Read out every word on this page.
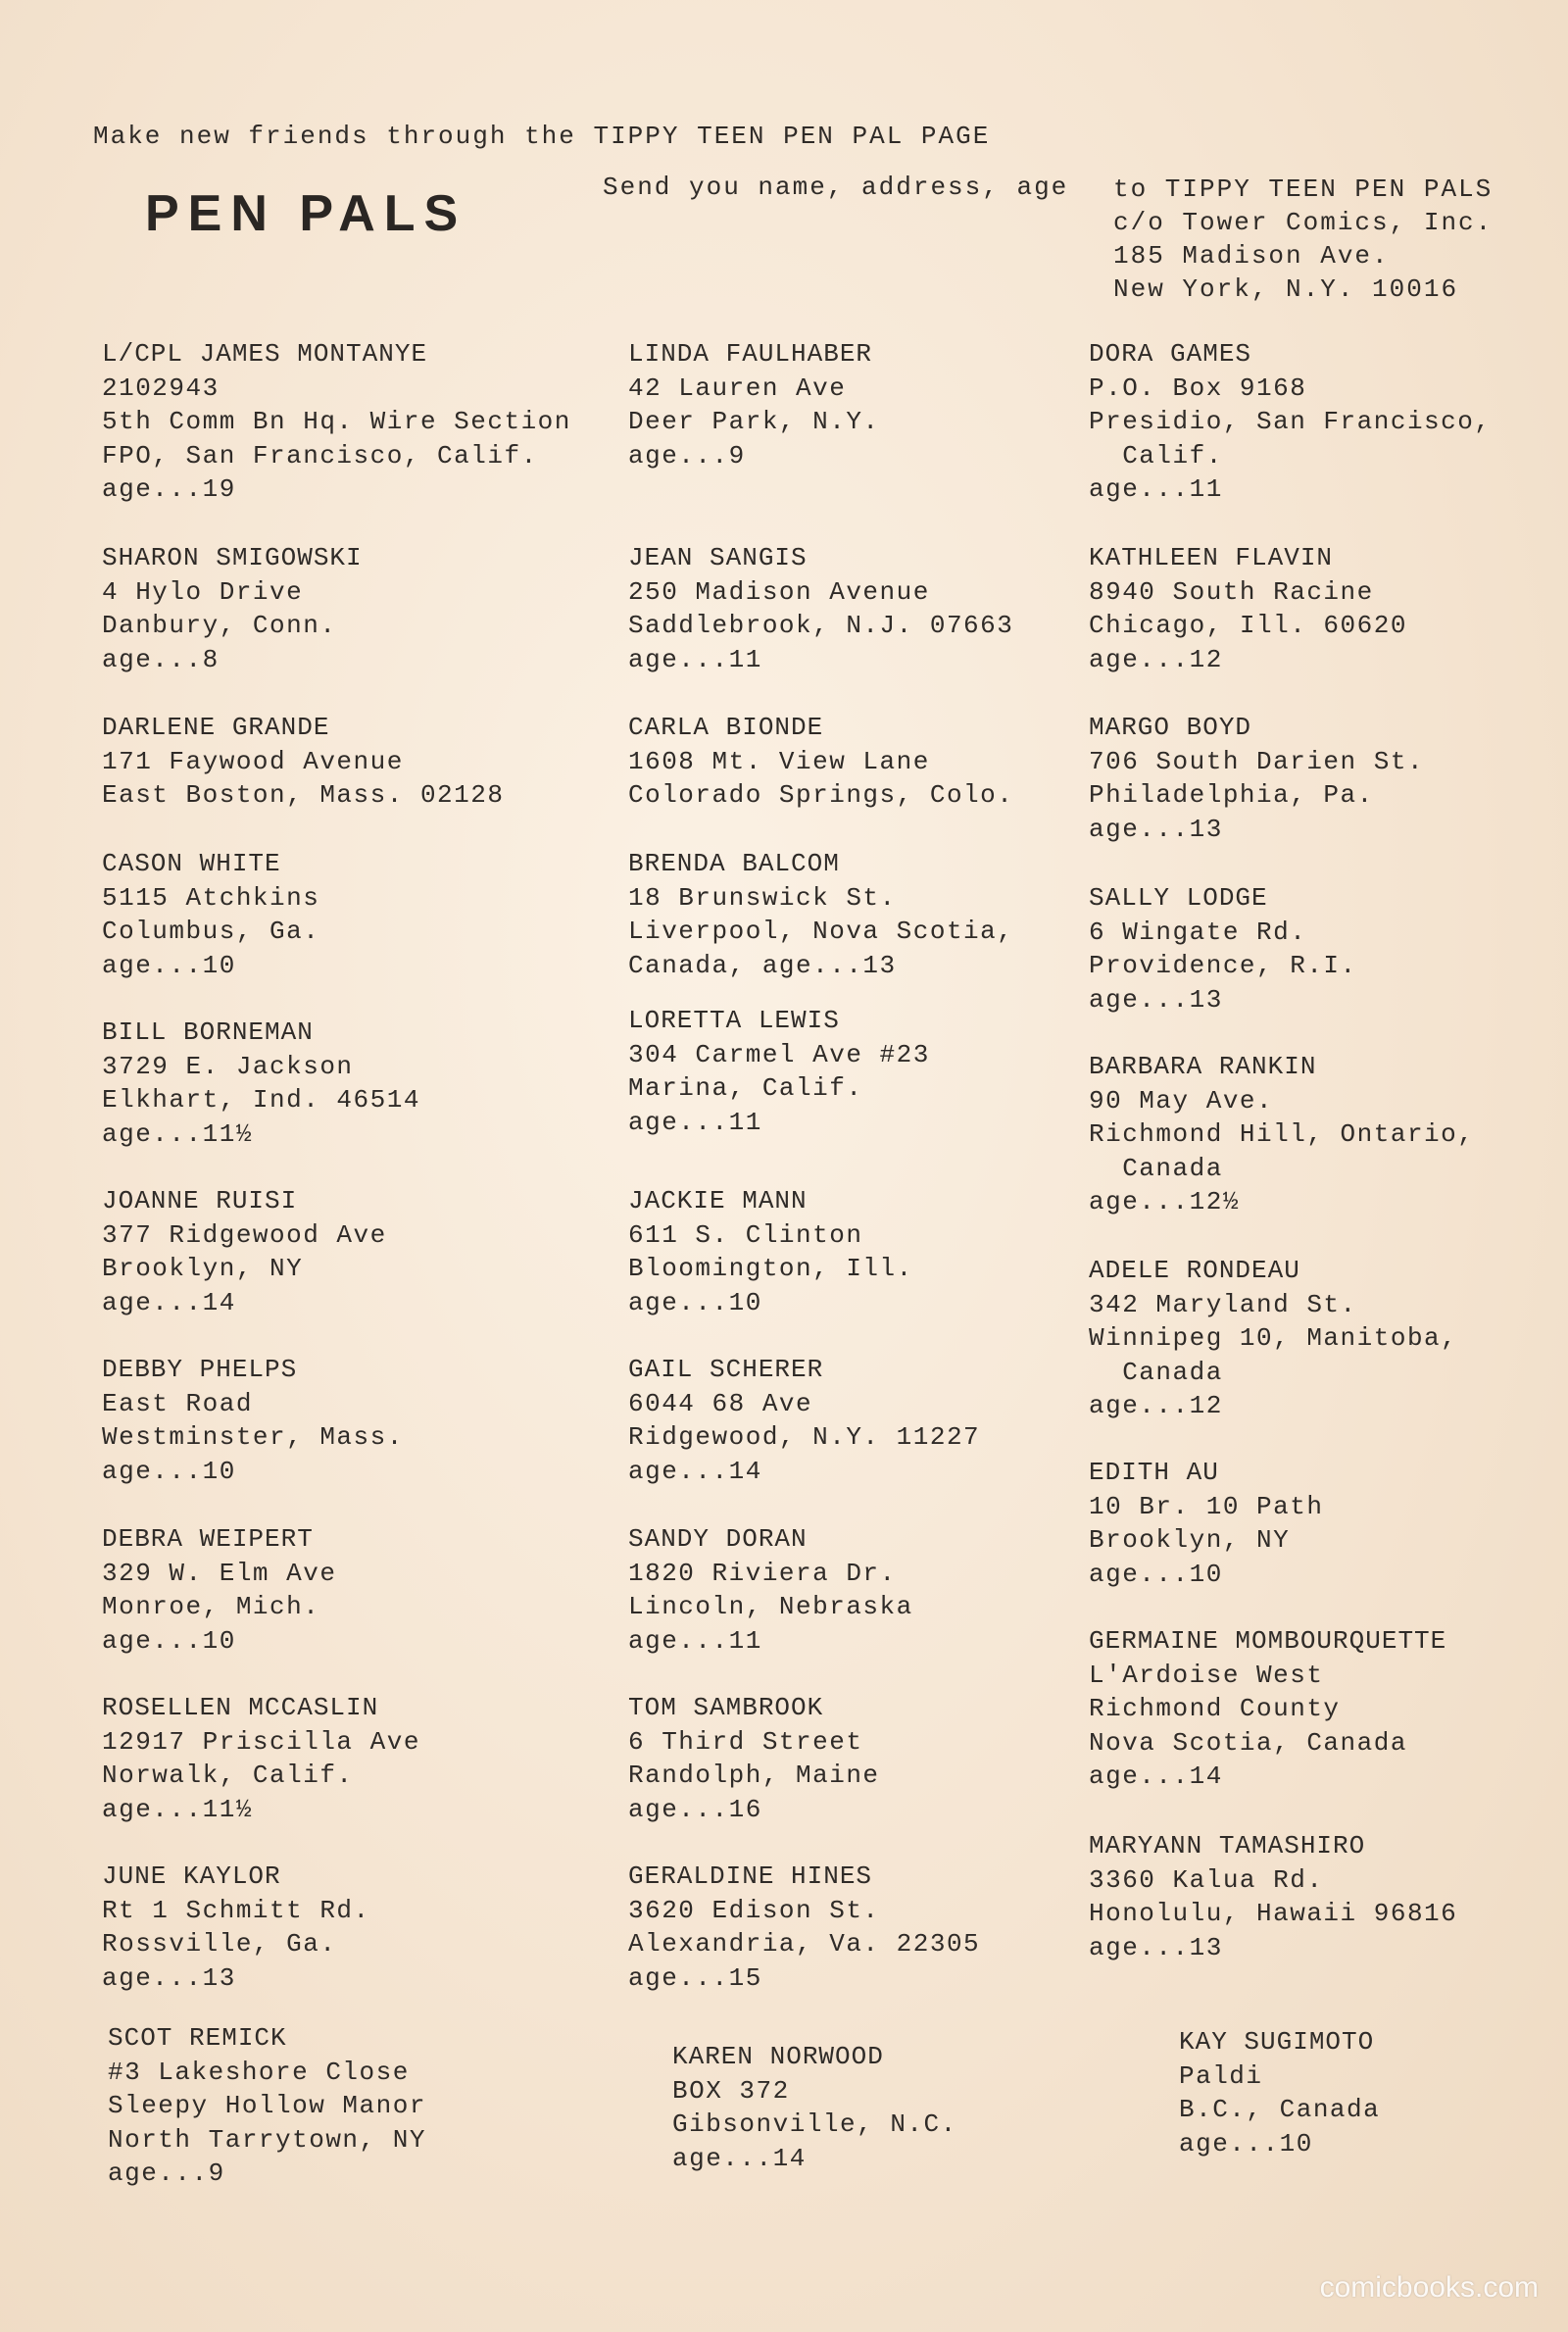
Make new friends through the TIPPY TEEN PEN PAL PAGE
PEN PALS	Send you name, address, age to TIPPY TEEN PEN PALS
c/o Tower Comics, Inc.
185 Madison Ave.
New York, N.Y. 10016
L/CPL JAMES MONTANYE
2102943
5th Comm Bn Hq. Wire Section
FPO, San Francisco, Calif.
age...19
SHARON SMIGOWSKI
4 Hylo Drive
Danbury, Conn.
age...8
DARLENE GRANDE
171 Faywood Avenue
East Boston, Mass. 02128
CASON WHITE
5115 Atchkins
Columbus, Ga.
age...10
BILL BORNEMAN
3729 E. Jackson
Elkhart, Ind. 46514
age...11½
JOANNE RUISI
377 Ridgewood Ave
Brooklyn, NY
age...14
DEBBY PHELPS
East Road
Westminster, Mass.
age...10
DEBRA WEIPERT
329 W. Elm Ave
Monroe, Mich.
age...10
ROSELLEN MCCASLIN
12917 Priscilla Ave
Norwalk, Calif.
age...11½
JUNE KAYLOR
Rt 1 Schmitt Rd.
Rossville, Ga.
age...13
SCOT REMICK
#3 Lakeshore Close
Sleepy Hollow Manor
North Tarrytown, NY
age...9
LINDA FAULHABER
42 Lauren Ave
Deer Park, N.Y.
age...9
JEAN SANGIS
250 Madison Avenue
Saddlebrook, N.J. 07663
age...11
CARLA BIONDE
1608 Mt. View Lane
Colorado Springs, Colo.
BRENDA BALCOM
18 Brunswick St.
Liverpool, Nova Scotia,
Canada, age...13
LORETTA LEWIS
304 Carmel Ave #23
Marina, Calif.
age...11
JACKIE MANN
611 S. Clinton
Bloomington, Ill.
age...10
GAIL SCHERER
6044 68 Ave
Ridgewood, N.Y. 11227
age...14
SANDY DORAN
1820 Riviera Dr.
Lincoln, Nebraska
age...11
TOM SAMBROOK
6 Third Street
Randolph, Maine
age...16
GERALDINE HINES
3620 Edison St.
Alexandria, Va. 22305
age...15
KAREN NORWOOD
BOX 372
Gibsonville, N.C.
age...14
DORA GAMES
P.O. Box 9168
Presidio, San Francisco,
Calif.
age...11
KATHLEEN FLAVIN
8940 South Racine
Chicago, Ill. 60620
age...12
MARGO BOYD
706 South Darien St.
Philadelphia, Pa.
age...13
SALLY LODGE
6 Wingate Rd.
Providence, R.I.
age...13
BARBARA RANKIN
90 May Ave.
Richmond Hill, Ontario,
Canada
age...12½
ADELE RONDEAU
342 Maryland St.
Winnipeg 10, Manitoba,
Canada
age...12
EDITH AU
10 Br. 10 Path
Brooklyn, NY
age...10
GERMAINE MOMBOURQUETTE
L'Ardoise West
Richmond County
Nova Scotia, Canada
age...14
MARYANN TAMASHIRO
3360 Kalua Rd.
Honolulu, Hawaii 96816
age...13
KAY SUGIMOTO
Paldi
B.C., Canada
age...10
comicbooks.com
